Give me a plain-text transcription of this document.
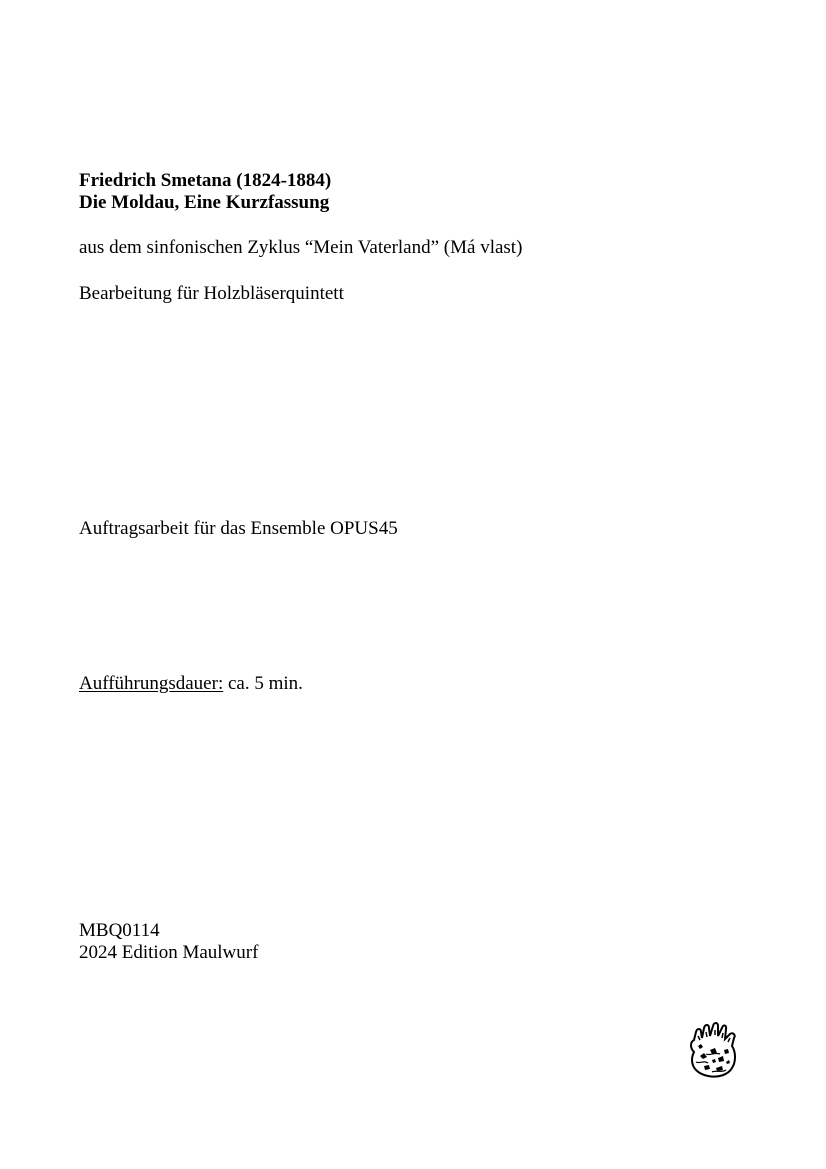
Friedrich Smetana (1824-1884)
Die Moldau, Eine Kurzfassung
aus dem sinfonischen Zyklus “Mein Vaterland” (Má vlast)
Bearbeitung für Holzbläserquintett
Auftragsarbeit für das Ensemble OPUS45
Aufführungsdauer: ca. 5 min.
MBQ0114
2024 Edition Maulwurf
